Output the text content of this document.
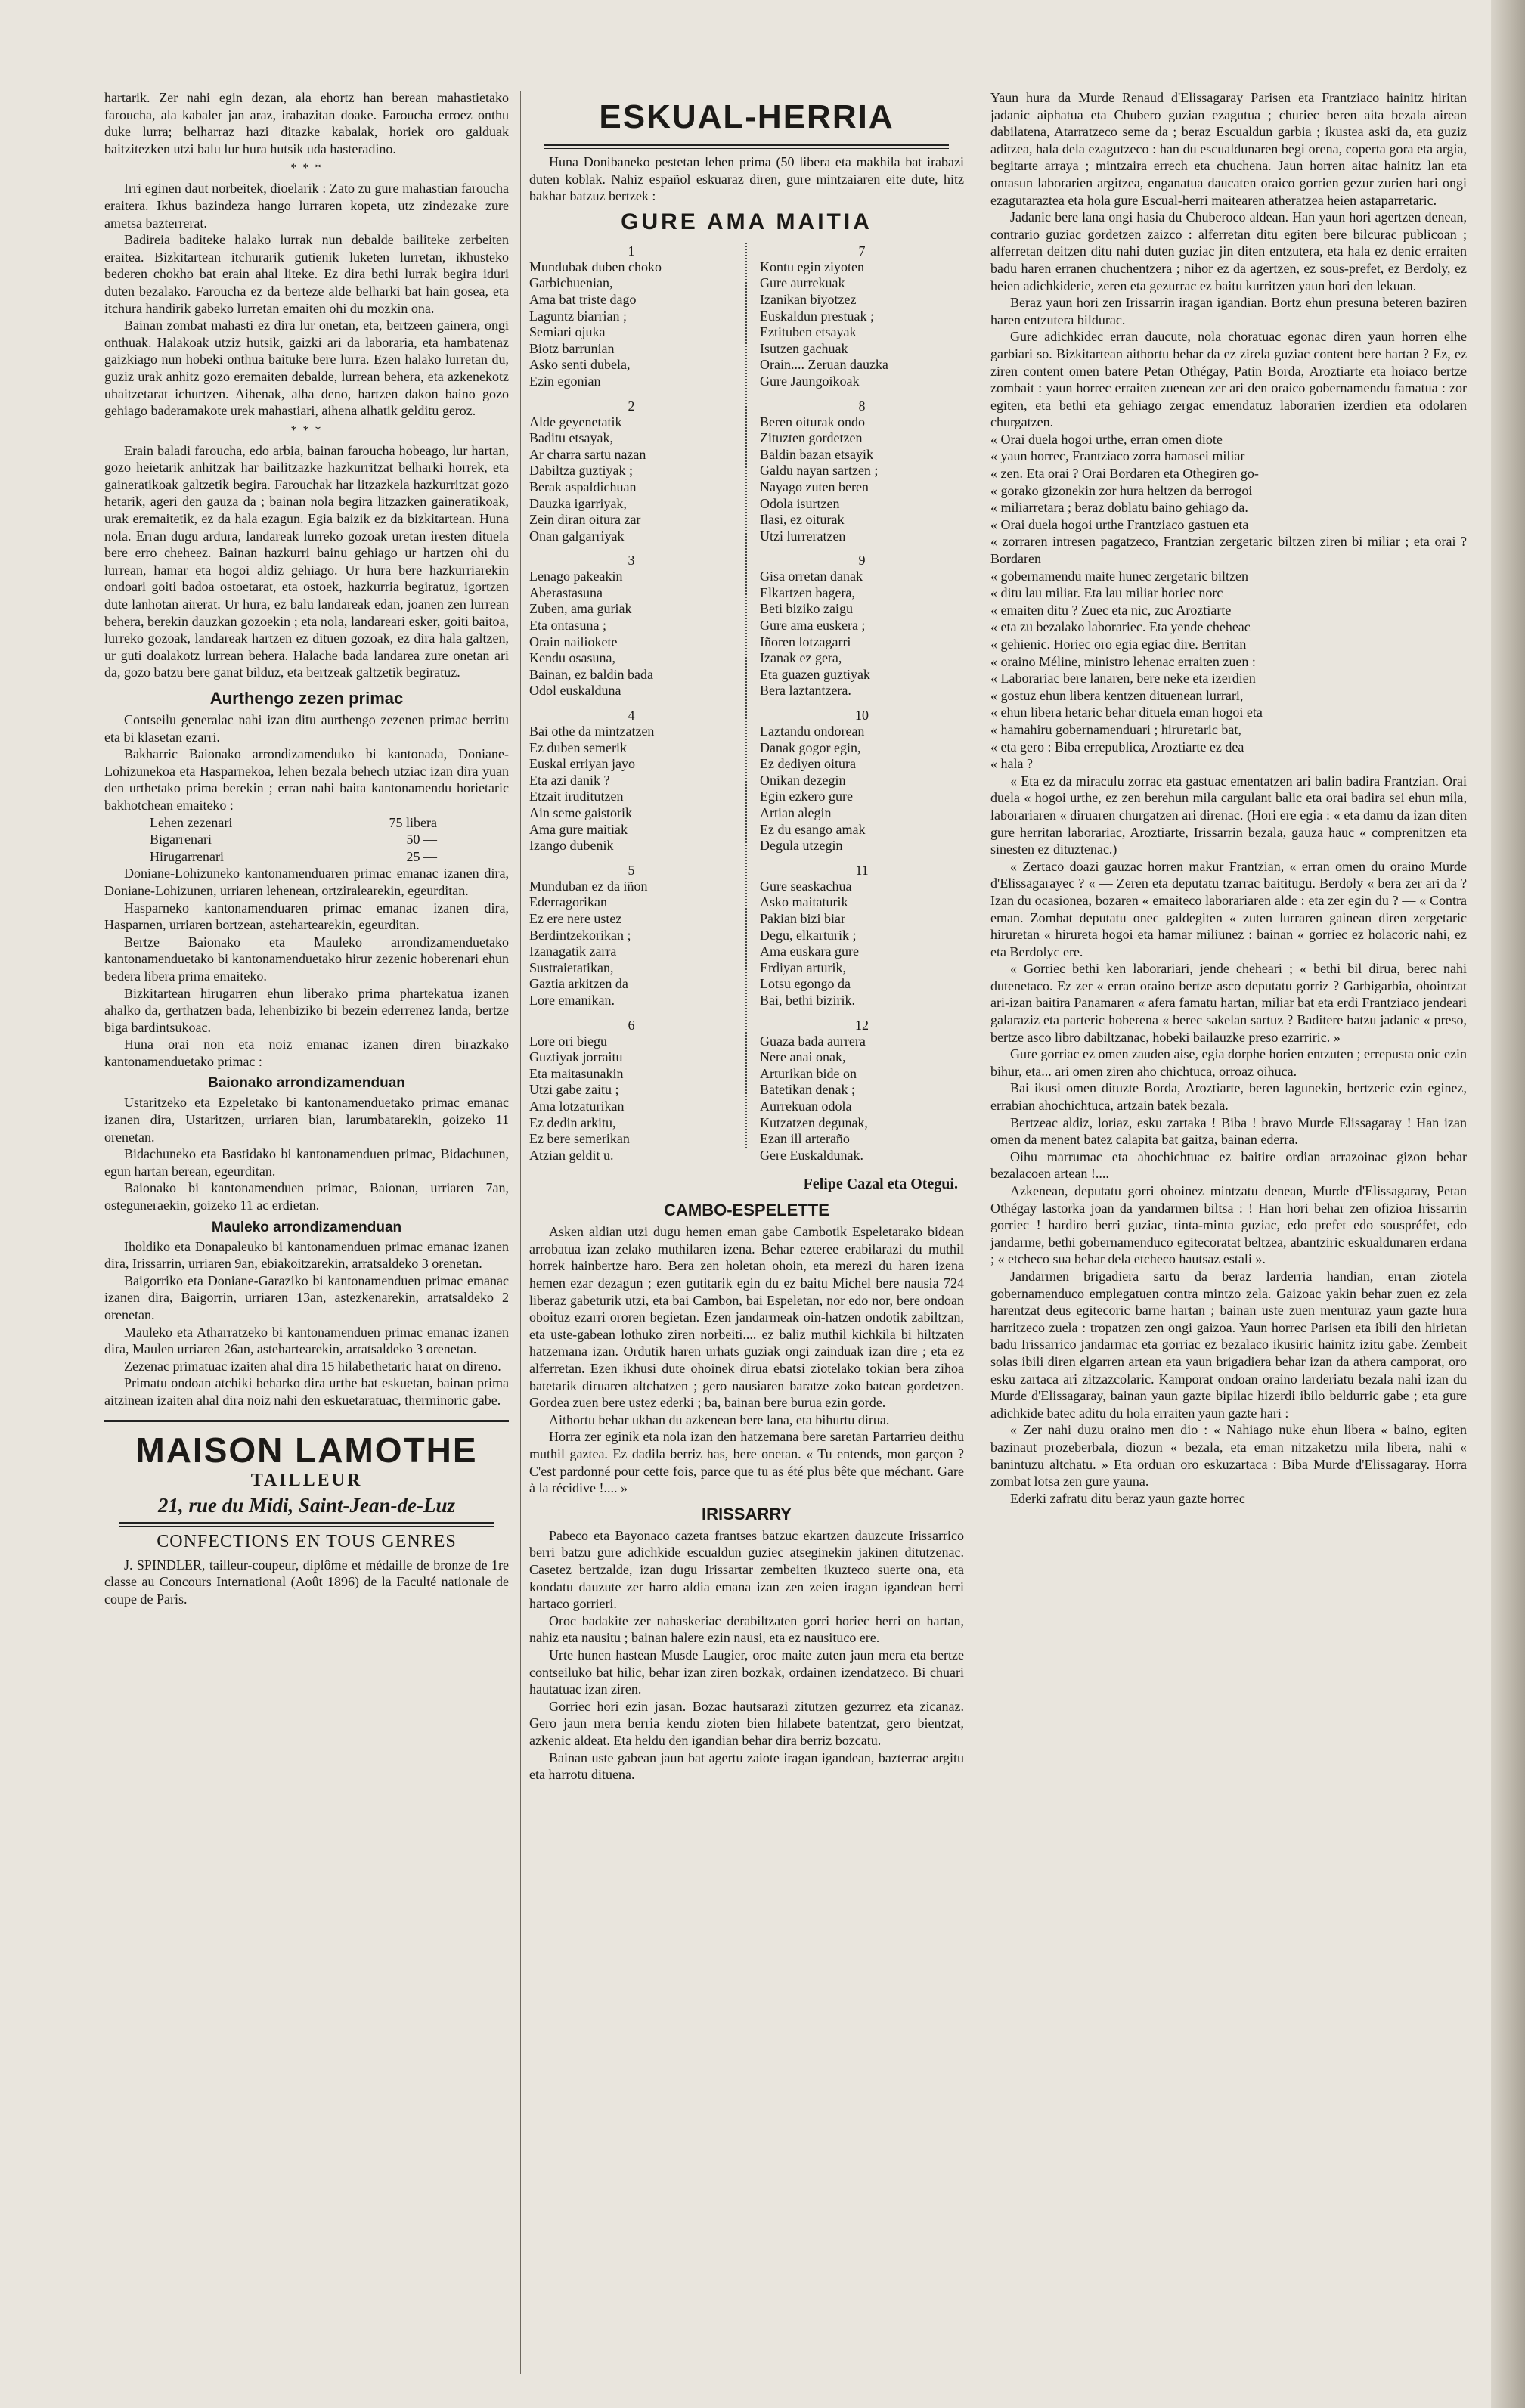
hartarik. Zer nahi egin dezan, ala ehortz han berean mahastietako faroucha, ala kabaler jan araz, irabazitan doake. Faroucha erroez onthu duke lurra; belharraz hazi ditazke kabalak, horiek oro galduak baitzitezken utzi balu lur hura hutsik uda hasteradino.

* * *

Irri eginen daut norbeitek, dioelarik : Zato zu gure mahastian faroucha eraitera. Ikhus bazindeza hango lurraren kopeta, utz zindezake zure ametsa bazterrerat.

Badireia baditeke halako lurrak nun debalde bailiteke zerbeiten eraitea. Bizkitartean itchurarik gutienik luketen lurretan, ikhusteko bederen chokho bat erain ahal liteke. Ez dira bethi lurrak begira iduri duten bezalako. Faroucha ez da berteze alde belharki bat hain gosea, eta itchura handirik gabeko lurretan emaiten ohi du mozkin ona.

Bainan zombat mahasti ez dira lur onetan, eta, bertzeen gainera, ongi onthuak. Halakoak utziz hutsik, gaizki ari da laboraria, eta hambatenaz gaizkiago nun hobeki onthua baituke bere lurra. Ezen halako lurretan du, guziz urak anhitz gozo eremaiten debalde, lurrean behera, eta azkenekotz uhaitzetarat ichurtzen. Aihenak, alha deno, hartzen dakon baino gozo gehiago baderamakote urek mahastiari, aihena alhatik gelditu geroz.

* * *

Erain baladi faroucha, edo arbia, bainan faroucha hobeago, lur hartan, gozo heietarik anhitzak har bailitzazke hazkurritzat belharki horrek, eta gaineratikoak galtzetik begira. Farouchak har litzazkela hazkurritzat gozo hetarik, ageri den gauza da ; bainan nola begira litzazken gaineratikoak, urak eremaitetik, ez da hala ezagun. Egia baizik ez da bizkitartean. Huna nola. Erran dugu ardura, landareak lurreko gozoak uretan iresten dituela bere erro cheheez. Bainan hazkurri bainu gehiago ur hartzen ohi du lurrean, hamar eta hogoi aldiz gehiago. Ur hura bere hazkurriarekin ondoari goiti badoa ostoetarat, eta ostoek, hazkurria begiratuz, igortzen dute lanhotan airerat. Ur hura, ez balu landareak edan, joanen zen lurrean behera, berekin dauzkan gozoekin ; eta nola, landareari esker, goiti baitoa, lurreko gozoak, landareak hartzen ez dituen gozoak, ez dira hala galtzen, ur guti doalakotz lurrean behera. Halache bada landarea zure onetan ari da, gozo batzu bere ganat bilduz, eta bertzeak galtzetik begiratuz.

Aurthengo zezen primac

Contseilu generalac nahi izan ditu aurthengo zezenen primac berritu eta bi klasetan ezarri.

Bakharric Baionako arrondizamenduko bi kantonada, Doniane-Lohizunekoa eta Hasparnekoa, lehen bezala behech utziac izan dira yuan den urthetako prima berekin ; erran nahi baita kantonamendu horietaric bakhotchean emaiteko :

Lehen zezenari	75 libera
Bigarrenari	50 —
Hirugarrenari	25 —

Doniane-Lohizuneko kantonamenduaren primac emanac izanen dira, Doniane-Lohizunen, urriaren lehenean, ortziralearekin, egeurditan.

Hasparneko kantonamenduaren primac emanac izanen dira, Hasparnen, urriaren bortzean, astehartearekin, egeurditan.

Bertze Baionako eta Mauleko arrondizamenduetako kantonamenduetako bi kantonamenduetako hirur zezenic hoberenari ehun bedera libera prima emaiteko.

Bizkitartean hirugarren ehun liberako prima phartekatua izanen ahalko da, gerthatzen bada, lehenbiziko bi bezein ederrenez landa, bertze biga bardintsukoac.

Huna orai non eta noiz emanac izanen diren birazkako kantonamenduetako primac :

Baionako arrondizamenduan

Ustaritzeko eta Ezpeletako bi kantonamenduetako primac emanac izanen dira, Ustaritzen, urriaren bian, larumbatarekin, goizeko 11 orenetan.

Bidachuneko eta Bastidako bi kantonamenduen primac, Bidachunen, egun hartan berean, egeurditan.

Baionako bi kantonamenduen primac, Baionan, urriaren 7an, osteguneraekin, goizeko 11 ac erdietan.

Mauleko arrondizamenduan

Iholdiko eta Donapaleuko bi kantonamenduen primac emanac izanen dira, Irissarrin, urriaren 9an, ebiakoitzarekin, arratsaldeko 3 orenetan.

Baigorriko eta Doniane-Garaziko bi kantonamenduen primac emanac izanen dira, Baigorrin, urriaren 13an, astezkenarekin, arratsaldeko 2 orenetan.

Mauleko eta Atharratzeko bi kantonamenduen primac emanac izanen dira, Maulen urriaren 26an, astehartearekin, arratsaldeko 3 orenetan.

Zezenac primatuac izaiten ahal dira 15 hilabethetaric harat on direno.

Primatu ondoan atchiki beharko dira urthe bat eskuetan, bainan prima aitzinean izaiten ahal dira noiz nahi den eskuetaratuac, therminoric gabe.

MAISON LAMOTHE
TAILLEUR
21, rue du Midi, Saint-Jean-de-Luz
CONFECTIONS EN TOUS GENRES

J. SPINDLER, tailleur-coupeur, diplôme et médaille de bronze de 1re classe au Concours International (Août 1896) de la Faculté nationale de coupe de Paris.

ESKUAL-HERRIA

Huna Donibaneko pestetan lehen prima (50 libera eta makhila bat irabazi duten koblak. Nahiz español eskuaraz diren, gure mintzaiaren eite dute, hitz bakhar batzuz bertzek :

GURE AMA MAITIA
1
Mundubak duben choko
Garbichuenian,
Ama bat triste dago
Laguntz biarrian ;
Semiari ojuka
Biotz barrunian
Asko senti dubela,
Ezin egonian
2
Alde geyenetatik
Baditu etsayak,
Ar charra sartu nazan
Dabiltza guztiyak ;
Berak aspaldichuan
Dauzka igarriyak,
Zein diran oitura zar
Onan galgarriyak
3
Lenago pakeakin
Aberastasuna
Zuben, ama guriak
Eta ontasuna ;
Orain nailiokete
Kendu osasuna,
Bainan, ez baldin bada
Odol euskalduna
4
Bai othe da mintzatzen
Ez duben semerik
Euskal erriyan jayo
Eta azi danik ?
Etzait iruditutzen
Ain seme gaistorik
Ama gure maitiak
Izango dubenik
5
Munduban ez da iñon
Ederragorikan
Ez ere nere ustez
Berdintzekorikan ;
Izanagatik zarra
Sustraietatikan,
Gaztia arkitzen da
Lore emanikan.
6
Lore ori biegu
Guztiyak jorraitu
Eta maitasunakin
Utzi gabe zaitu ;
Ama lotzaturikan
Ez dedin arkitu,
Ez bere semerikan
Atzian geldit u.
7
Kontu egin ziyoten
Gure aurrekuak
Izanikan biyotzez
Euskaldun prestuak ;
Eztituben etsayak
Isutzen gachuak
Orain.... Zeruan dauzka
Gure Jaungoikoak
8
Beren oiturak ondo
Zituzten gordetzen
Baldin bazan etsayik
Galdu nayan sartzen ;
Nayago zuten beren
Odola isurtzen
Ilasi, ez oiturak
Utzi lurreratzen
9
Gisa orretan danak
Elkartzen bagera,
Beti biziko zaigu
Gure ama euskera ;
Iñoren lotzagarri
Izanak ez gera,
Eta guazen guztiyak
Bera laztantzera.
10
Laztandu ondorean
Danak gogor egin,
Ez dediyen oitura
Onikan dezegin
Egin ezkero gure
Artian alegin
Ez du esango amak
Degula utzegin
11
Gure seaskachua
Asko maitaturik
Pakian bizi biar
Degu, elkarturik ;
Ama euskara gure
Erdiyan arturik,
Lotsu egongo da
Bai, bethi bizirik.
12
Guaza bada aurrera
Nere anai onak,
Arturikan bide on
Batetikan denak ;
Aurrekuan odola
Kutzatzen degunak,
Ezan ill arteraño
Gere Euskaldunak.
Felipe Cazal eta Otegui.
CAMBO-ESPELETTE

Asken aldian utzi dugu hemen eman gabe Cambotik Espeletarako bidean arrobatua izan zelako muthilaren izena. Behar ezteree erabilarazi du muthil horrek hainbertze haro. Bera zen holetan ohoin, eta merezi du haren izena hemen ezar dezagun ; ezen gutitarik egin du ez baitu Michel bere nausia 724 liberaz gabeturik utzi, eta bai Cambon, bai Espeletan, nor edo nor, bere ondoan oboituz ezarri ororen begietan. Ezen jandarmeak oin-hatzen ondotik zabiltzan, eta uste-gabean lothuko ziren norbeiti.... ez baliz muthil kichkila bi hiltzaten hatzemana izan. Ordutik haren urhats guziak ongi zainduak izan dire ; eta ez alferretan. Ezen ikhusi dute ohoinek dirua ebatsi ziotelako tokian bera zihoa batetarik diruaren altchatzen ; gero nausiaren baratze zoko batean gordetzen. Gordea zuen bere ustez ederki ; ba, bainan bere burua ezin gorde.

Aithortu behar ukhan du azkenean bere lana, eta bihurtu dirua.

Horra zer eginik eta nola izan den hatzemana bere saretan Partarrieu deithu muthil gaztea. Ez dadila berriz has, bere onetan. « Tu entends, mon garçon ? C'est pardonné pour cette fois, parce que tu as été plus bête que méchant. Gare à la récidive !.... »

IRISSARRY

Pabeco eta Bayonaco cazeta frantses batzuc ekartzen dauzcute Irissarrico berri batzu gure adichkide escualdun guziec atseginekin jakinen ditutzenac. Casetez bertzalde, izan dugu Irissartar zembeiten ikuzteco suerte ona, eta kondatu dauzute zer harro aldia emana izan zen zeien iragan igandean herri hartaco gorrieri.

Oroc badakite zer nahaskeriac derabiltzaten gorri horiec herri on hartan, nahiz eta nausitu ; bainan halere ezin nausi, eta ez nausituco ere.

Urte hunen hastean Musde Laugier, oroc maite zuten jaun mera eta bertze contseiluko bat hilic, behar izan ziren bozkak, ordainen izendatzeco. Bi chuari hautatuac izan ziren.

Gorriec hori ezin jasan. Bozac hautsarazi zitutzen gezurrez eta zicanaz. Gero jaun mera berria kendu zioten bien hilabete batentzat, gero bientzat, azkenic aldeat. Eta heldu den igandian behar dira berriz bozcatu.

Bainan uste gabean jaun bat agertu zaiote iragan igandean, bazterrac argitu eta harrotu dituena.

Yaun hura da Murde Renaud d'Elissagaray Parisen eta Frantziaco hainitz hiritan jadanic aiphatua eta Chubero guzian ezagutua ; churiec beren aita bezala airean dabilatena, Atarratzeco seme da ; beraz Escualdun garbia ; ikustea aski da, eta guziz aditzea, hala dela ezagutzeco : han du escualdunaren begi orena, coperta gora eta argia, begitarte arraya ; mintzaira errech eta chuchena. Jaun horren aitac hainitz lan eta ontasun laborarien argitzea, enganatua daucaten oraico gorrien gezur zurien hari ongi ezagutaraztea eta hola gure Escual-herri maitearen atheratzea heien astaparretaric.

Jadanic bere lana ongi hasia du Chuberoco aldean. Han yaun hori agertzen denean, contrario guziac gordetzen zaizco : alferretan ditu egiten bere bilcurac publicoan ; alferretan deitzen ditu nahi duten guziac jin diten entzutera, eta hala ez denic erraiten badu haren erranen chuchentzera ; nihor ez da agertzen, ez sous-prefet, ez Berdoly, ez heien adichkiderie, zeren eta gezurrac ez baitu kurritzen yaun hori den lekuan.

Beraz yaun hori zen Irissarrin iragan igandian. Bortz ehun presuna beteren baziren haren entzutera bildurac.

Gure adichkidec erran daucute, nola choratuac egonac diren yaun horren elhe garbiari so. Bizkitartean aithortu behar da ez zirela guziac content bere hartan ? Ez, ez ziren content omen batere Petan Othégay, Patin Borda, Aroztiarte eta hoiaco bertze zombait : yaun horrec erraiten zuenean zer ari den oraico gobernamendu famatua : zor egiten, eta bethi eta gehiago zergac emendatuz laborarien izerdien eta odolaren churgatzen.

« Orai duela hogoi urthe, erran omen diote

« yaun horrec, Frantziaco zorra hamasei miliar

« zen. Eta orai ? Orai Bordaren eta Othegiren go-

« gorako gizonekin zor hura heltzen da berrogoi

« miliarretara ; beraz doblatu baino gehiago da.

« Orai duela hogoi urthe Frantziaco gastuen eta

« zorraren intresen pagatzeco, Frantzian zergetaric biltzen ziren bi miliar ; eta orai ? Bordaren

« gobernamendu maite hunec zergetaric biltzen

« ditu lau miliar. Eta lau miliar horiec norc

« emaiten ditu ? Zuec eta nic, zuc Aroztiarte

« eta zu bezalako laborariec. Eta yende cheheac

« gehienic. Horiec oro egia egiac dire. Berritan

« oraino Méline, ministro lehenac erraiten zuen :

« Laborariac bere lanaren, bere neke eta izerdien

« gostuz ehun libera kentzen dituenean lurrari,

« ehun libera hetaric behar dituela eman hogoi eta

« hamahiru gobernamenduari ; hiruretaric bat,

« eta gero : Biba errepublica, Aroztiarte ez dea

« hala ?

« Eta ez da miraculu zorrac eta gastuac ementatzen ari balin badira Frantzian. Orai duela « hogoi urthe, ez zen berehun mila cargulant balic eta orai badira sei ehun mila, laborariaren « diruaren churgatzen ari direnac. (Hori ere egia : « eta damu da izan diten gure herritan laborariac, Aroztiarte, Irissarrin bezala, gauza hauc « comprenitzen eta sinesten ez dituztenac.)

« Zertaco doazi gauzac horren makur Frantzian, « erran omen du oraino Murde d'Elissagarayec ? « — Zeren eta deputatu tzarrac baititugu. Berdoly « bera zer ari da ? Izan du ocasionea, bozaren « emaiteco laborariaren alde : eta zer egin du ? — « Contra eman. Zombat deputatu onec galdegiten « zuten lurraren gainean diren zergetaric hiruretan « hirureta hogoi eta hamar miliunez : bainan « gorriec ez holacoric nahi, ez eta Berdolyc ere.

« Gorriec bethi ken laborariari, jende cheheari ; « bethi bil dirua, berec nahi dutenetaco. Ez zer « erran oraino bertze asco deputatu gorriz ? Garbigarbia, ohointzat ari-izan baitira Panamaren « afera famatu hartan, miliar bat eta erdi Frantziaco jendeari galaraziz eta parteric hoberena « berec sakelan sartuz ? Baditere batzu jadanic « preso, bertze asco libro dabiltzanac, hobeki bailauzke preso ezarriric. »

Gure gorriac ez omen zauden aise, egia dorphe horien entzuten ; errepusta onic ezin bihur, eta... ari omen ziren aho chichtuca, orroaz oihuca.

Bai ikusi omen dituzte Borda, Aroztiarte, beren lagunekin, bertzeric ezin eginez, errabian ahochichtuca, artzain batek bezala.

Bertzeac aldiz, loriaz, esku zartaka ! Biba ! bravo Murde Elissagaray ! Han izan omen da menent batez calapita bat gaitza, bainan ederra.

Oihu marrumac eta ahochichtuac ez baitire ordian arrazoinac gizon behar bezalacoen artean !....

Azkenean, deputatu gorri ohoinez mintzatu denean, Murde d'Elissagaray, Petan Othégay lastorka joan da yandarmen biltsa : ! Han hori behar zen ofizioa Irissarrin gorriec ! hardiro berri guziac, tinta-minta guziac, edo prefet edo souspréfet, edo jandarme, bethi gobernamenduco egitecoratat beltzea, abantziric eskualdunaren erdana ; « etcheco sua behar dela etcheco hautsaz estali ».

Jandarmen brigadiera sartu da beraz larderria handian, erran ziotela gobernamenduco emplegatuen contra mintzo zela. Gaizoac yakin behar zuen ez zela harentzat deus egitecoric barne hartan ; bainan uste zuen menturaz yaun gazte hura harritzeco zuela : tropatzen zen ongi gaizoa. Yaun horrec Parisen eta ibili den hirietan badu Irissarrico jandarmac eta gorriac ez bezalaco ikusiric hainitz izitu gabe. Zembeit solas ibili diren elgarren artean eta yaun brigadiera behar izan da athera camporat, oro esku zartaca ari zitzazcolaric. Kamporat ondoan oraino larderiatu bezala nahi izan du Murde d'Elissagaray, bainan yaun gazte bipilac hizerdi ibilo beldurric gabe ; eta gure adichkide batec aditu du hola erraiten yaun gazte hari :

« Zer nahi duzu oraino men dio : « Nahiago nuke ehun libera « baino, egiten bazinaut prozeberbala, diozun « bezala, eta eman nitzaketzu mila libera, nahi « banintuzu altchatu. » Eta orduan oro eskuzartaca : Biba Murde d'Elissagaray. Horra zombat lotsa zen gure yauna.

Ederki zafratu ditu beraz yaun gazte horrec
